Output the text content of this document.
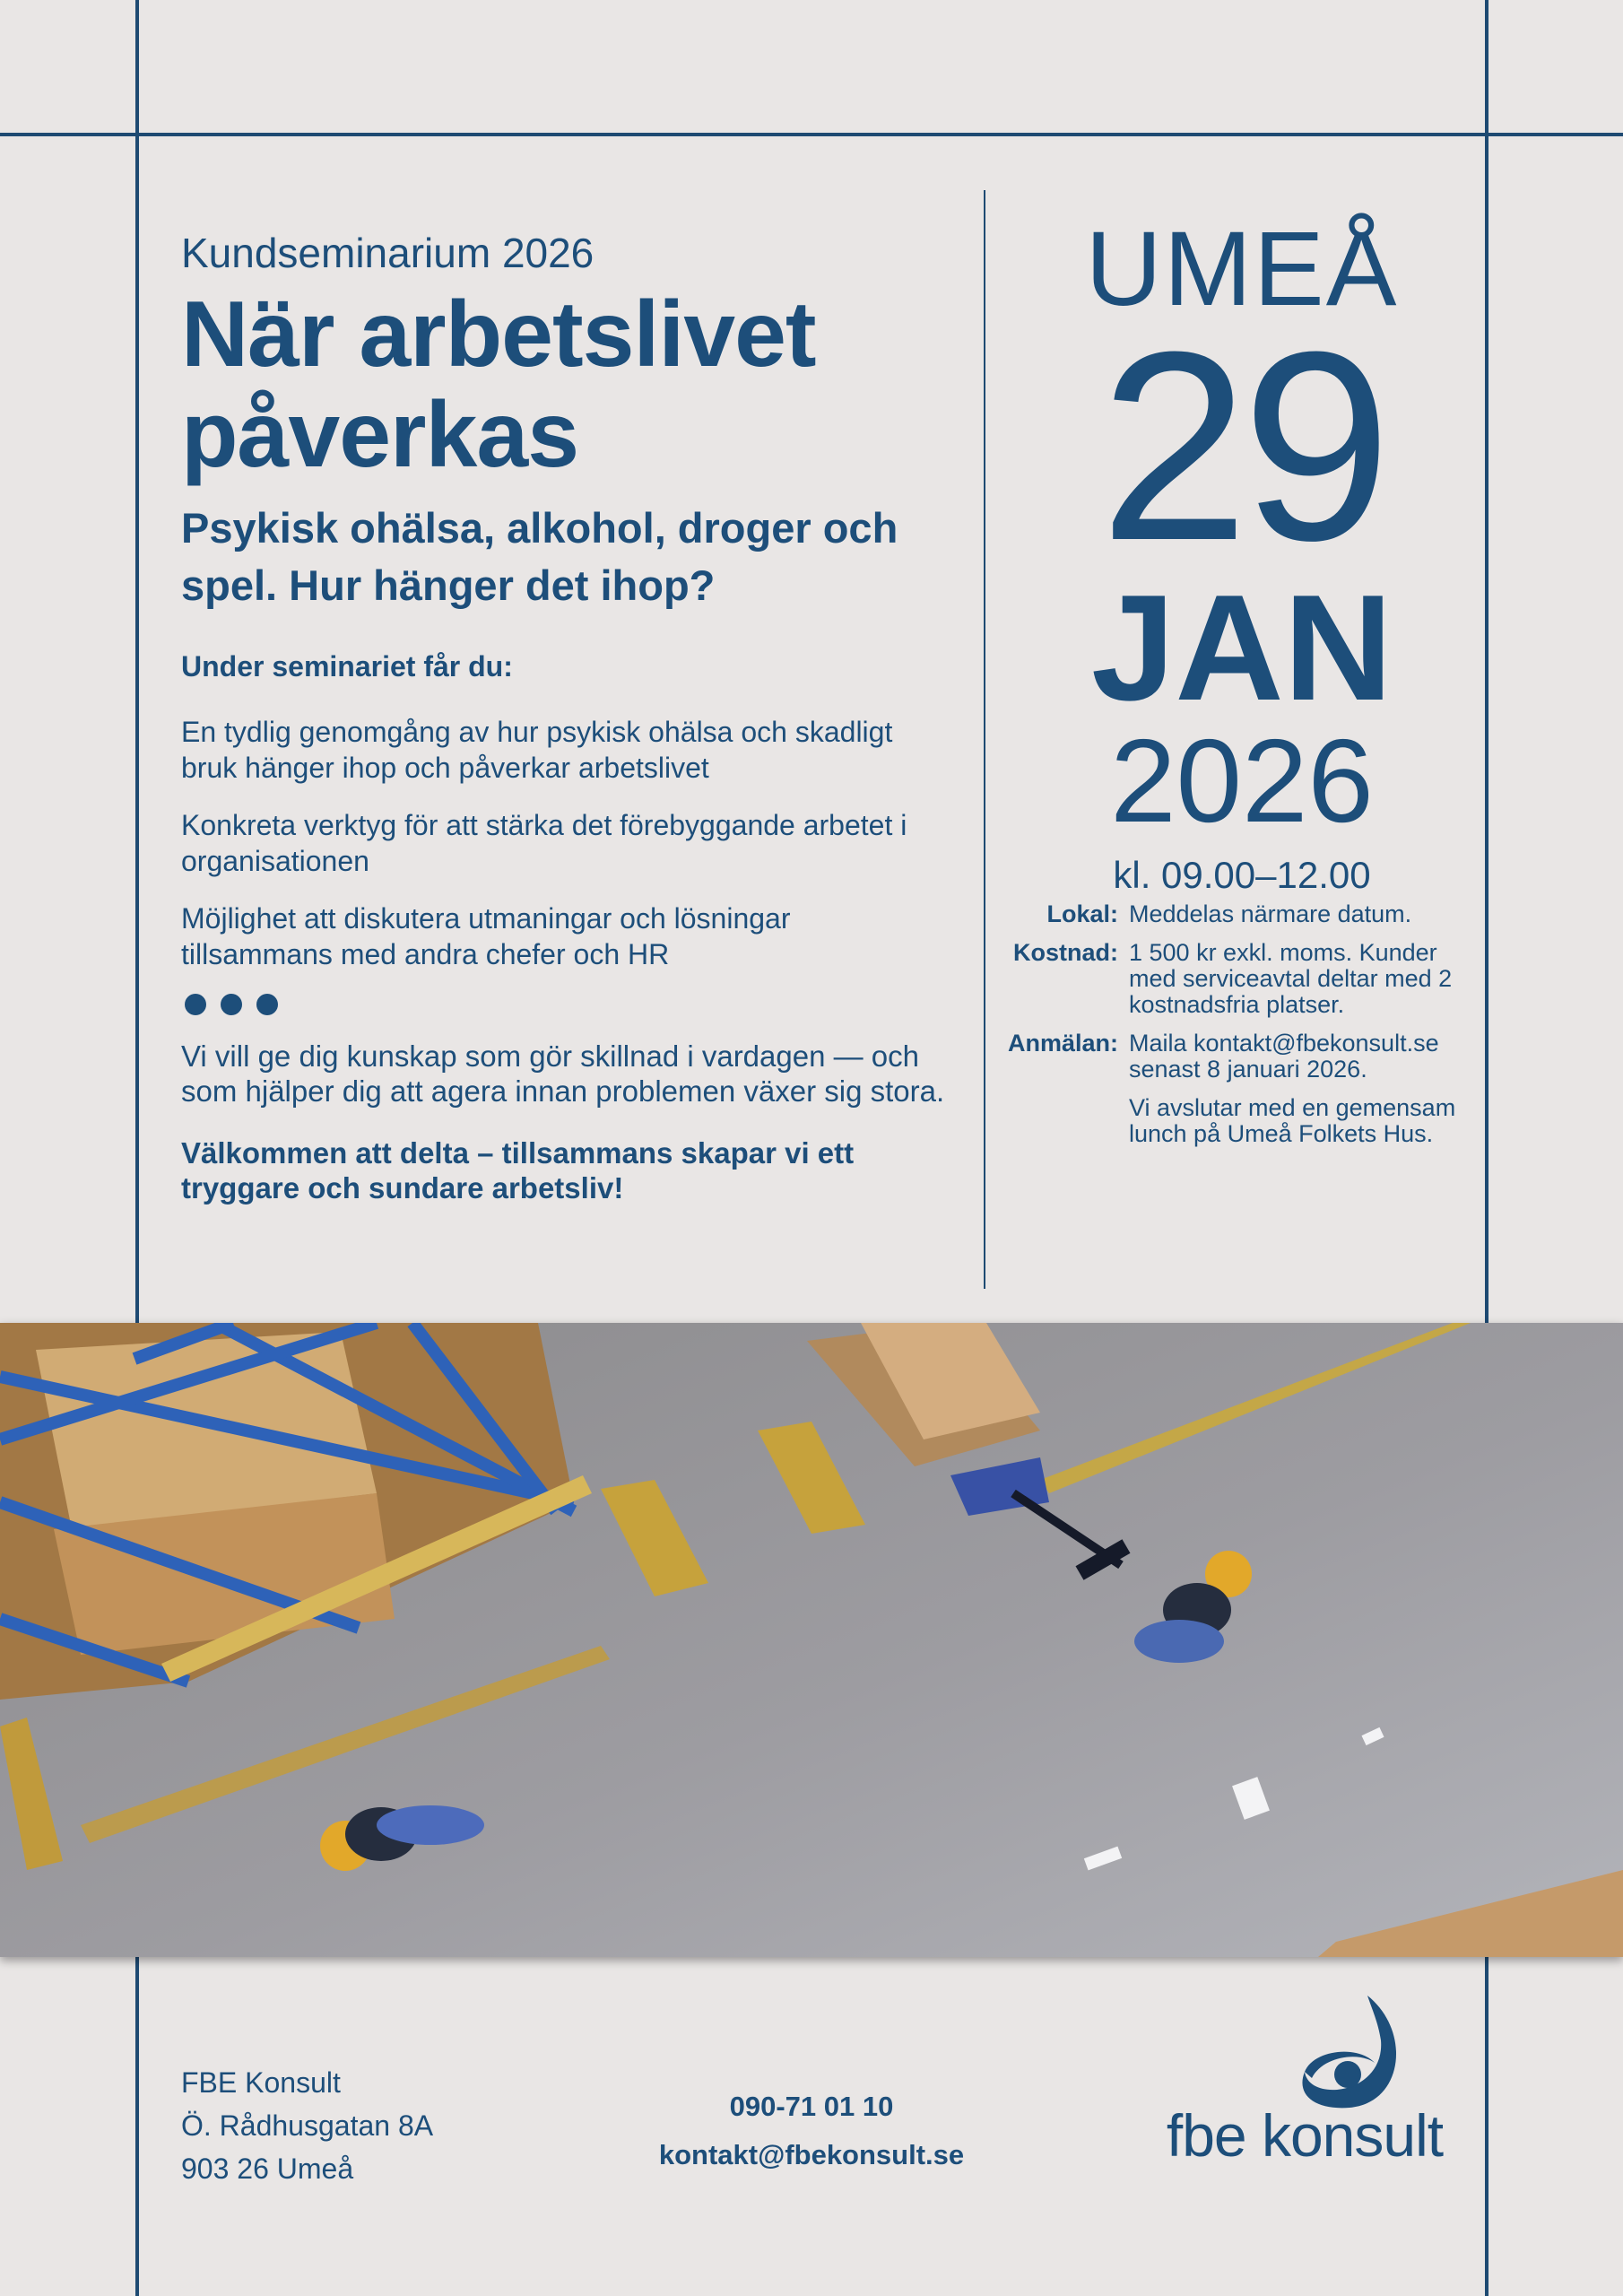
Kundseminarium 2026
När arbetslivet
påverkas
Psykisk ohälsa, alkohol, droger och spel. Hur hänger det ihop?
Under seminariet får du:
En tydlig genomgång av hur psykisk ohälsa och skadligt bruk hänger ihop och påverkar arbetslivet
Konkreta verktyg för att stärka det förebyggande arbetet i organisationen
Möjlighet att diskutera utmaningar och lösningar tillsammans med andra chefer och HR
Vi vill ge dig kunskap som gör skillnad i vardagen — och som hjälper dig att agera innan problemen växer sig stora.
Välkommen att delta – tillsammans skapar vi ett tryggare och sundare arbetsliv!
UMEÅ
29
JAN
2026
kl. 09.00–12.00
Lokal: Meddelas närmare datum.
Kostnad: 1 500 kr exkl. moms. Kunder med serviceavtal deltar med 2 kostnadsfria platser.
Anmälan: Maila kontakt@fbekonsult.se senast 8 januari 2026.
Vi avslutar med en gemensam lunch på Umeå Folkets Hus.
FBE Konsult
Ö. Rådhusgatan 8A
903 26 Umeå
090-71 01 10
kontakt@fbekonsult.se	fbe konsult
